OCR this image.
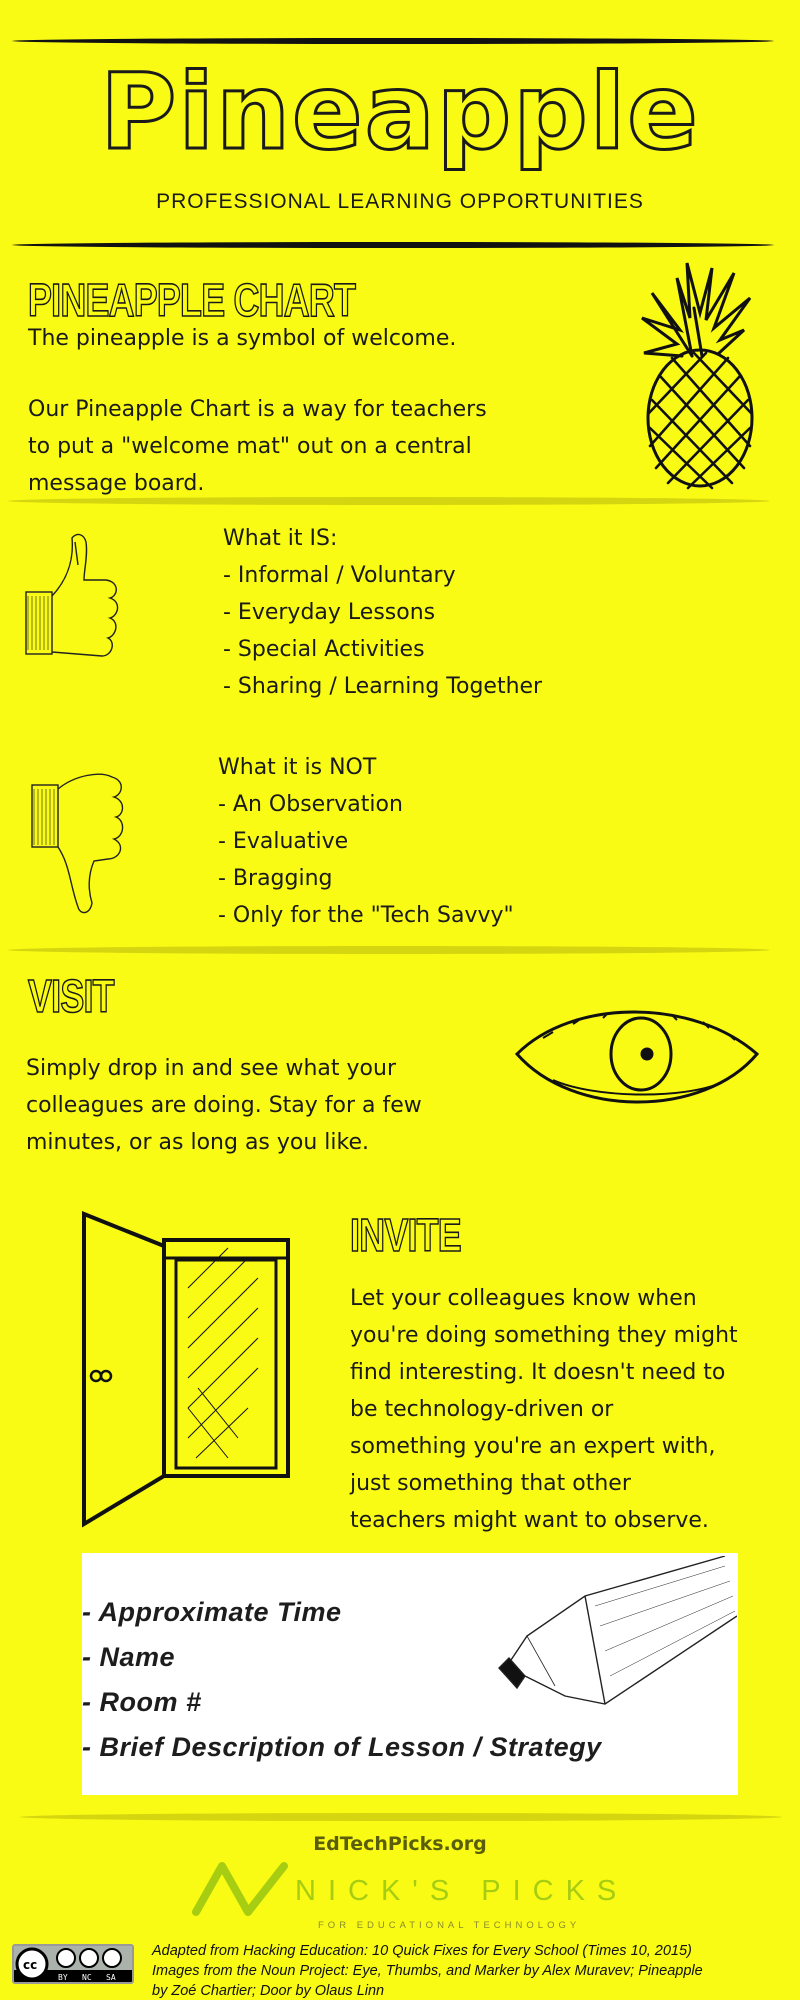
Pineapple
PROFESSIONAL LEARNING OPPORTUNITIES
PINEAPPLE CHART
The pineapple is a symbol of welcome.
Our Pineapple Chart is a way for teachers
to put a "welcome mat" out on a central
message board.
What it IS:
- Informal / Voluntary
- Everyday Lessons
- Special Activities
- Sharing / Learning Together
What it is NOT
- An Observation
- Evaluative
- Bragging
- Only for the "Tech Savvy"
VISIT
Simply drop in and see what your
colleagues are doing. Stay for a few
minutes, or as long as you like.
INVITE
Let your colleagues know when
you're doing something they might
find interesting. It doesn't need to
be technology-driven or
something you're an expert with,
just something that other
teachers might want to observe.
- Approximate Time
- Name
- Room #
- Brief Description of Lesson / Strategy
EdTechPicks.org
NICK'S PICKS
FOR EDUCATIONAL TECHNOLOGY
cc
BY NC SA
Adapted from Hacking Education: 10 Quick Fixes for Every School (Times 10, 2015)
Images from the Noun Project: Eye, Thumbs, and Marker by Alex Muravev; Pineapple
by Zoé Chartier; Door by Olaus Linn
